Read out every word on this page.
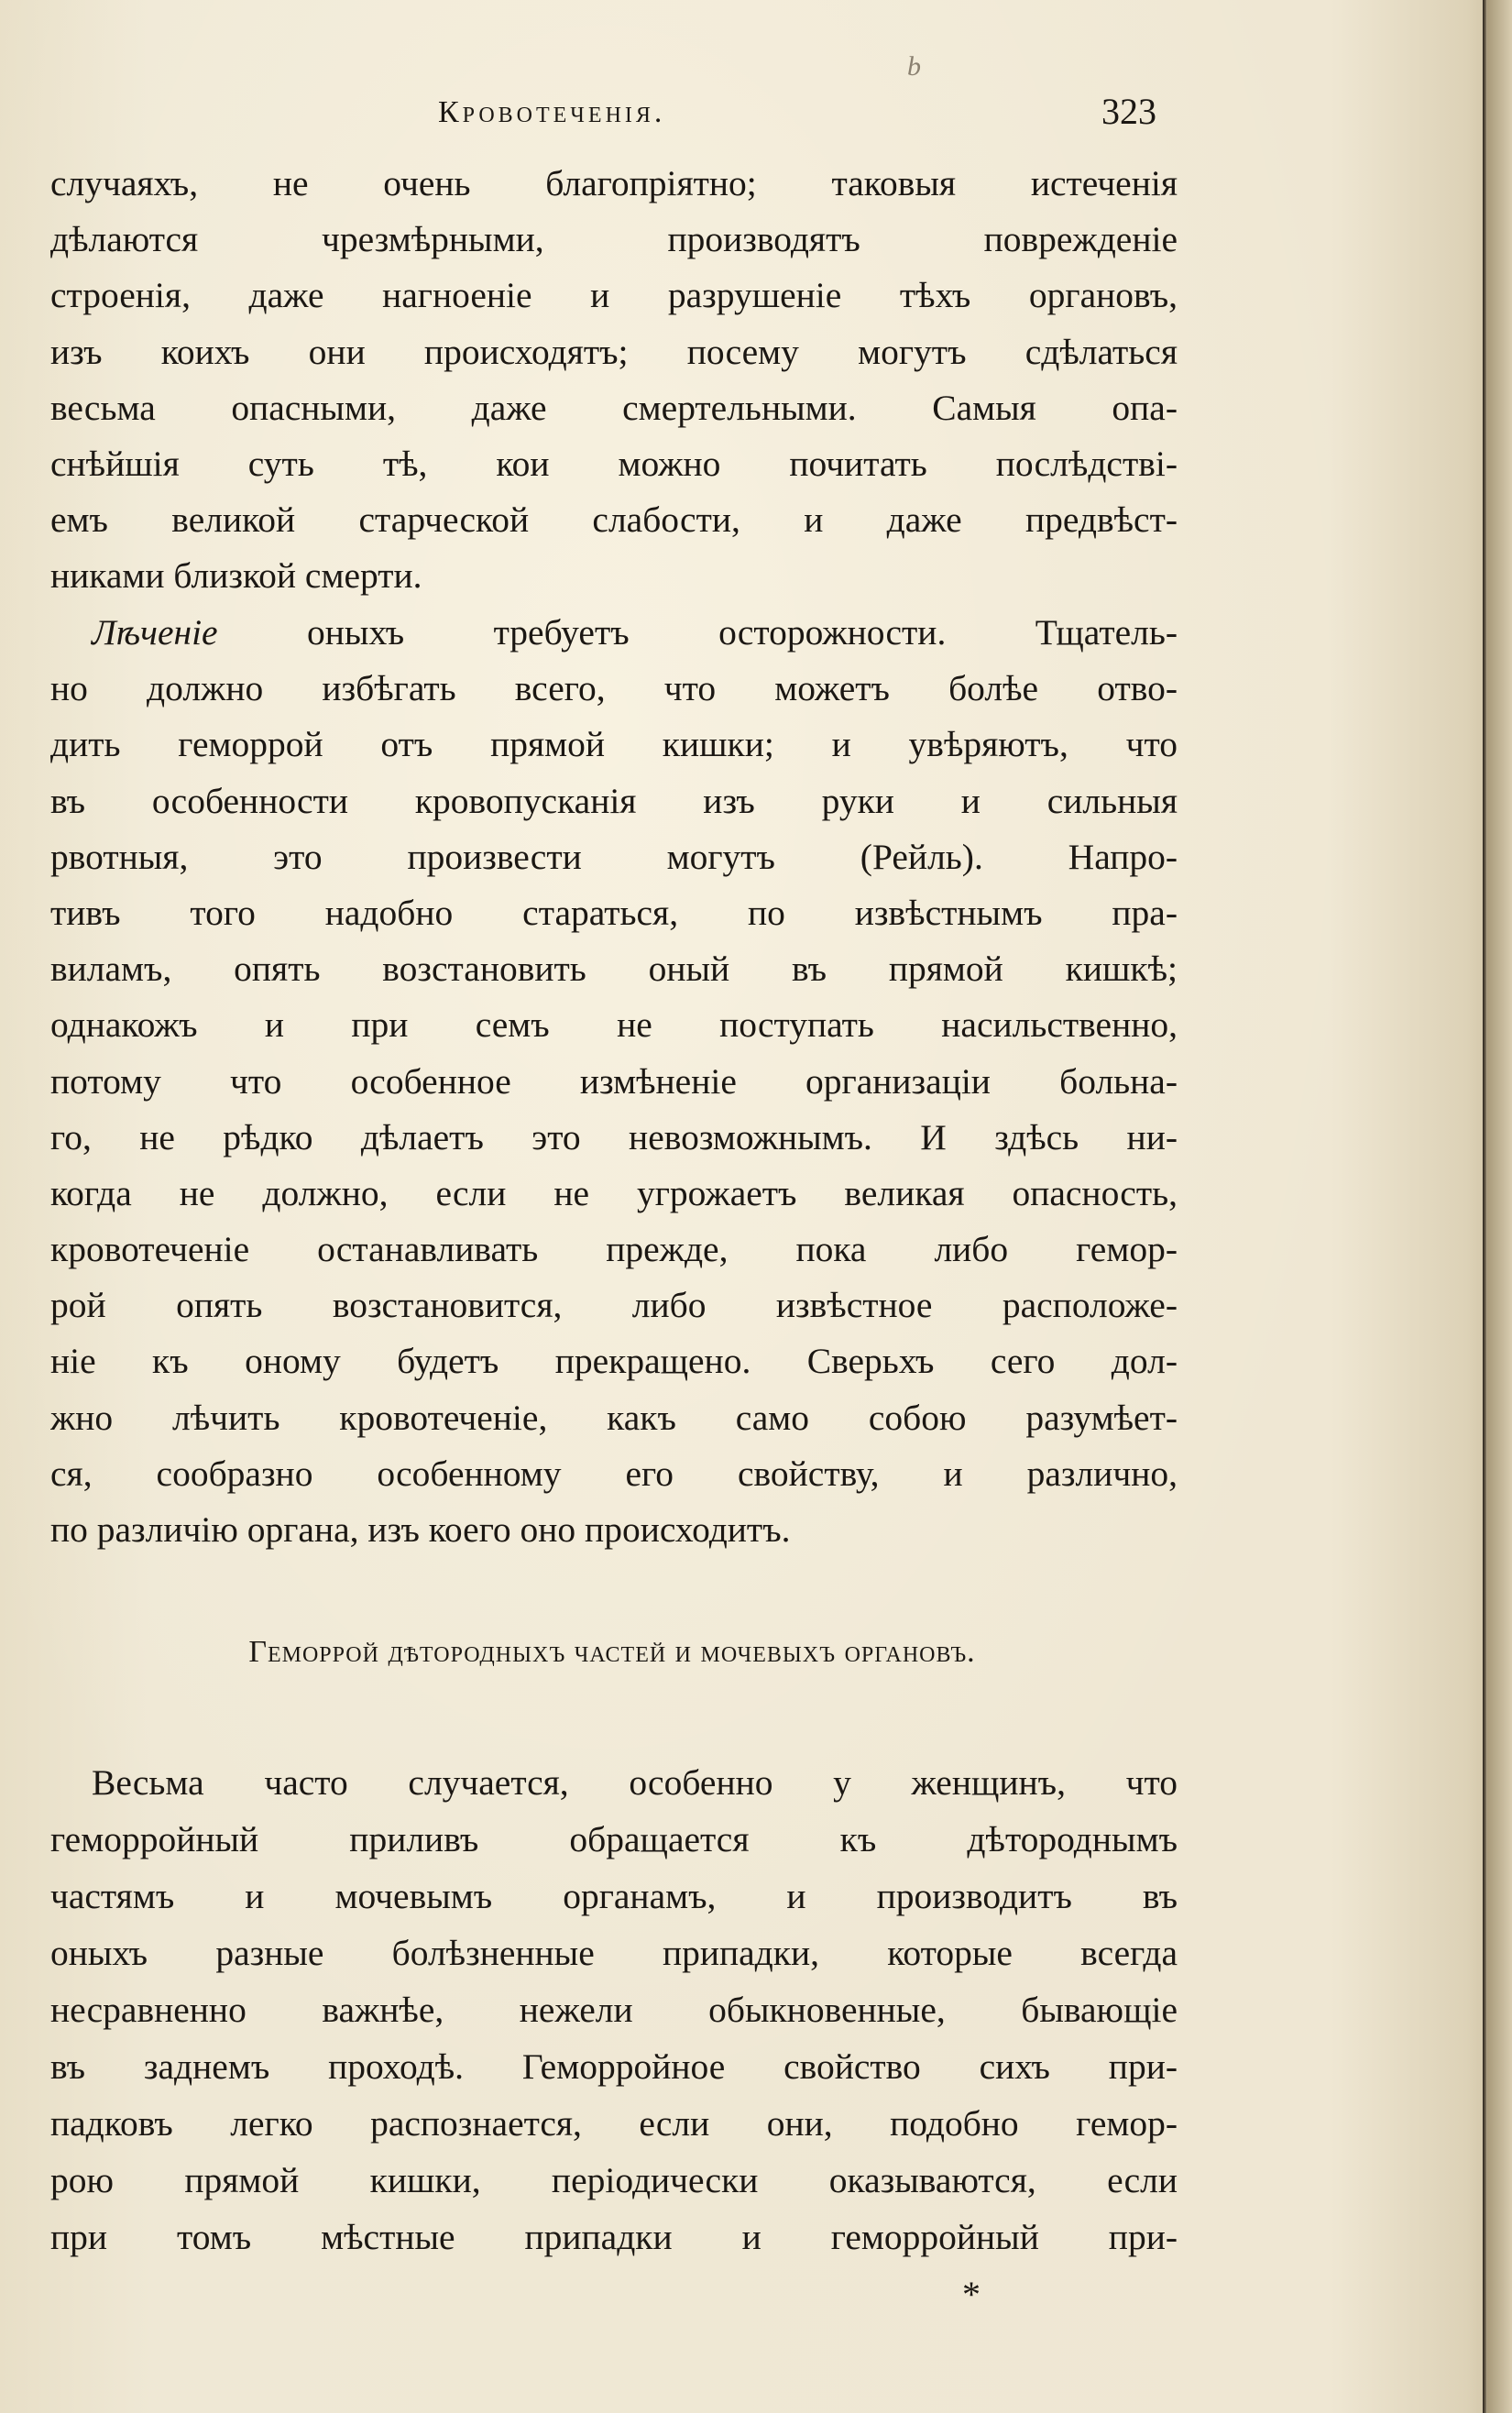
b
Кровотеченія.	323
случаяхъ, не очень благопріятно; таковыя истеченія
дѣлаются чрезмѣрными, производятъ поврежденіе
строенія, даже нагноеніе и разрушеніе тѣхъ органовъ,
изъ коихъ они происходятъ; посему могутъ сдѣлаться
весьма опасными, даже смертельными. Самыя опа-
снѣйшія суть тѣ, кои можно почитать послѣдстві-
емъ великой старческой слабости, и даже предвѣст-
никами близкой смерти.
Лѣченіе оныхъ требуетъ осторожности. Тщатель-
но должно избѣгать всего, что можетъ болѣе отво-
дить геморрой отъ прямой кишки; и увѣряютъ, что
въ особенности кровопусканія изъ руки и сильныя
рвотныя, это произвести могутъ (Рейль). Напро-
тивъ того надобно стараться, по извѣстнымъ пра-
виламъ, опять возстановить оный въ прямой кишкѣ;
однакожъ и при семъ не поступать насильственно,
потому что особенное измѣненіе организаціи больна-
го, не рѣдко дѣлаетъ это невозможнымъ. И здѣсь ни-
когда не должно, если не угрожаетъ великая опасность,
кровотеченіе останавливать прежде, пока либо гемор-
рой опять возстановится, либо извѣстное расположе-
ніе къ оному будетъ прекращено. Сверьхъ сего дол-
жно лѣчить кровотеченіе, какъ само собою разумѣет-
ся, сообразно особенному его свойству, и различно,
по различію органа, изъ коего оно происходитъ.
Геморрой дѣтородныхъ частей и мочевыхъ органовъ.
Весьма часто случается, особенно у женщинъ, что
геморройный приливъ обращается къ дѣтороднымъ
частямъ и мочевымъ органамъ, и производитъ въ
оныхъ разные болѣзненные припадки, которые всегда
несравненно важнѣе, нежели обыкновенные, бывающіе
въ заднемъ проходѣ. Геморройное свойство сихъ при-
падковъ легко распознается, если они, подобно гемор-
рою прямой кишки, періодически оказываются, если
при томъ мѣстные припадки и геморройный при-
*
